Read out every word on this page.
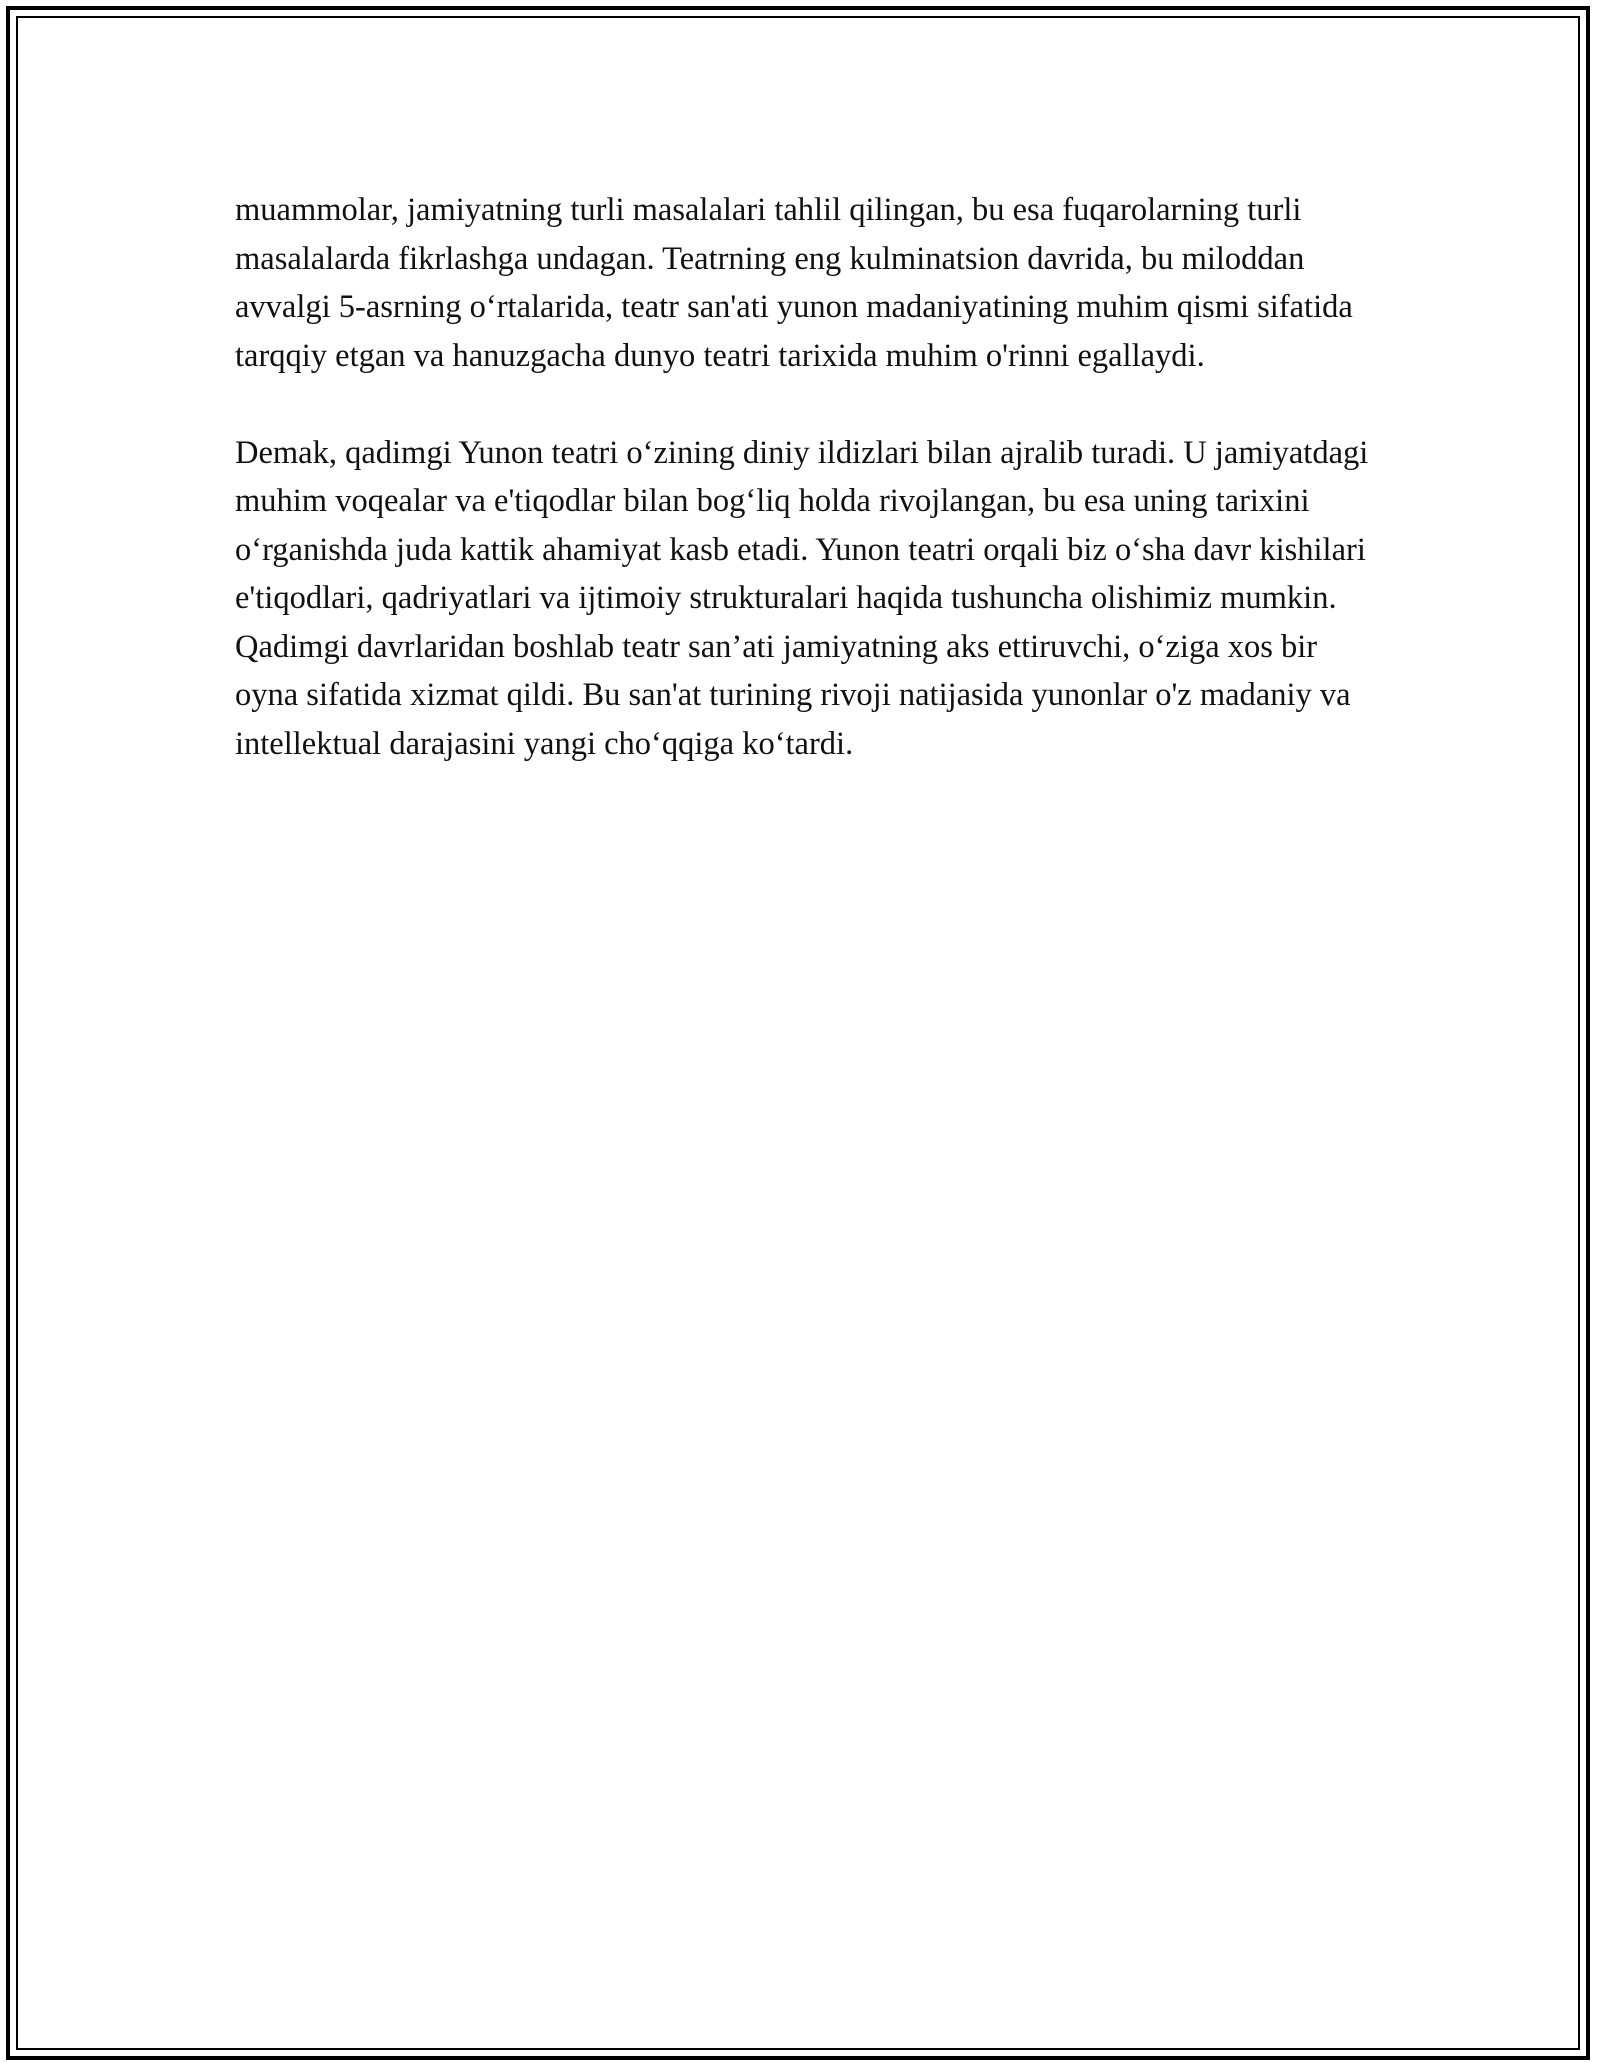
muammolar, jamiyatning turli masalalari tahlil qilingan, bu esa fuqarolarning turli masalalarda fikrlashga undagan. Teatrning eng kulminatsion davrida, bu miloddan avvalgi 5-asrning o‘rtalarida, teatr san'ati yunon madaniyatining muhim qismi sifatida tarqqiy etgan va hanuzgacha dunyo teatri tarixida muhim o'rinni egallaydi.

Demak, qadimgi Yunon teatri o‘zining diniy ildizlari bilan ajralib turadi. U jamiyatdagi muhim voqealar va e'tiqodlar bilan bog‘liq holda rivojlangan, bu esa uning tarixini o‘rganishda juda kattik ahamiyat kasb etadi. Yunon teatri orqali biz o‘sha davr kishilari e'tiqodlari, qadriyatlari va ijtimoiy strukturalari haqida tushuncha olishimiz mumkin. Qadimgi davrlaridan boshlab teatr san’ati jamiyatning aks ettiruvchi, o‘ziga xos bir oyna sifatida xizmat qildi. Bu san'at turining rivoji natijasida yunonlar o'z madaniy va intellektual darajasini yangi cho‘qqiga ko‘tardi.
